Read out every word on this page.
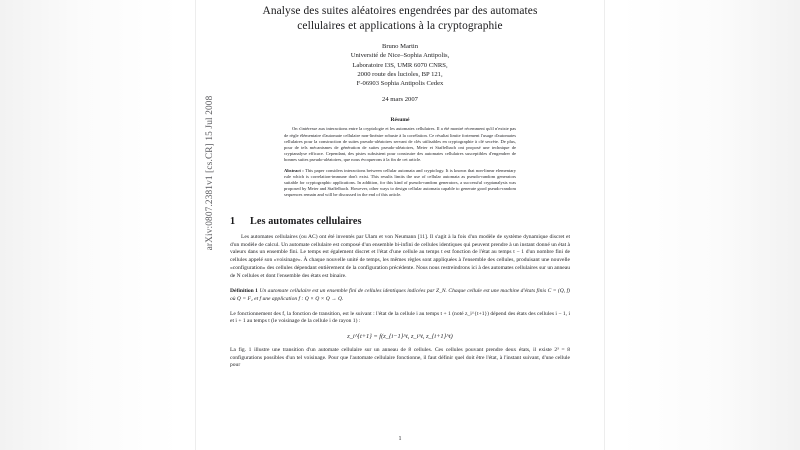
arXiv:0807.2381v1 [cs.CR] 15 Jul 2008
Analyse des suites aléatoires engendrées par des automates
cellulaires et applications à la cryptographie
Bruno Martin
Université de Nice–Sophia Antipolis,
Laboratoire I3S, UMR 6070 CNRS,
2000 route des lucioles, BP 121,
F-06903 Sophia Antipolis Cedex
24 mars 2007
Résumé

On s'intéresse aux interactions entre la cryptologie et les automates cellulaires. Il a été montré récemment qu'il n'existe pas de règle élémentaire d'automate cellulaire non-linéaire robuste à la corrélation. Ce résultat limite fortement l'usage d'automates cellulaires pour la construction de suites pseudo-aléatoires servant de clés utilisables en cryptographie à clé secrète. De plus, pour de tels mécanismes de génération de suites pseudo-aléatoires, Meier et Staffelbach ont proposé une technique de cryptanalyse efficace. Cependant, des pistes subsistent pour construire des automates cellulaires susceptibles d'engendrer de bonnes suites pseudo-aléatoires, que nous évoquerons à la fin de cet article.

Abstract : This paper considers interactions between cellular automata and cryptology. It is known that non-linear elementary rule which is correlation-immune don't exist. This results limits the use of cellular automata as pseudo-random generators suitable for cryptographic applications. In addition, for this kind of pseudo-random generators, a successful cryptanalysis was proposed by Meier and Staffelbach. However, other ways to design cellular automata capable to generate good pseudo-random sequences remain and will be discussed in the end of this article.

1 Les automates cellulaires

Les automates cellulaires (ou AC) ont été inventés par Ulam et von Neumann [11]. Il s'agit à la fois d'un modèle de système dynamique discret et d'un modèle de calcul. Un automate cellulaire est composé d'un ensemble bi-infini de cellules identiques qui peuvent prendre à un instant donné un état à valeurs dans un ensemble fini. Le temps est également discret et l'état d'une cellule au temps t est fonction de l'état au temps t − 1 d'un nombre fini de cellules appelé son «voisinage». À chaque nouvelle unité de temps, les mêmes règles sont appliquées à l'ensemble des cellules, produisant une nouvelle «configuration» des cellules dépendant entièrement de la configuration précédente. Nous nous restreindrons ici à des automates cellulaires sur un anneau de N cellules et dont l'ensemble des états est binaire.

Définition 1 Un automate cellulaire est un ensemble fini de cellules identiques indicées par Z_N. Chaque cellule est une machine d'états finis C = (Q, f) où Q = F₂ et f une application f : Q × Q × Q → Q.

Le fonctionnement des f, la fonction de transition, est le suivant : l'état de la cellule i au temps t + 1 (noté z_i^{t+1}) dépend des états des cellules i − 1, i et i + 1 au temps t (le voisinage de la cellule i de rayon 1) :

z_i^{t+1} = f(z_{i−1}^t, z_i^t, z_{i+1}^t)

La fig. 1 illustre une transition d'un automate cellulaire sur un anneau de 8 cellules. Ces cellules pouvant prendre deux états, il existe 2³ = 8 configurations possibles d'un tel voisinage. Pour que l'automate cellulaire fonctionne, il faut définir quel doit être l'état, à l'instant suivant, d'une cellule pour

1
